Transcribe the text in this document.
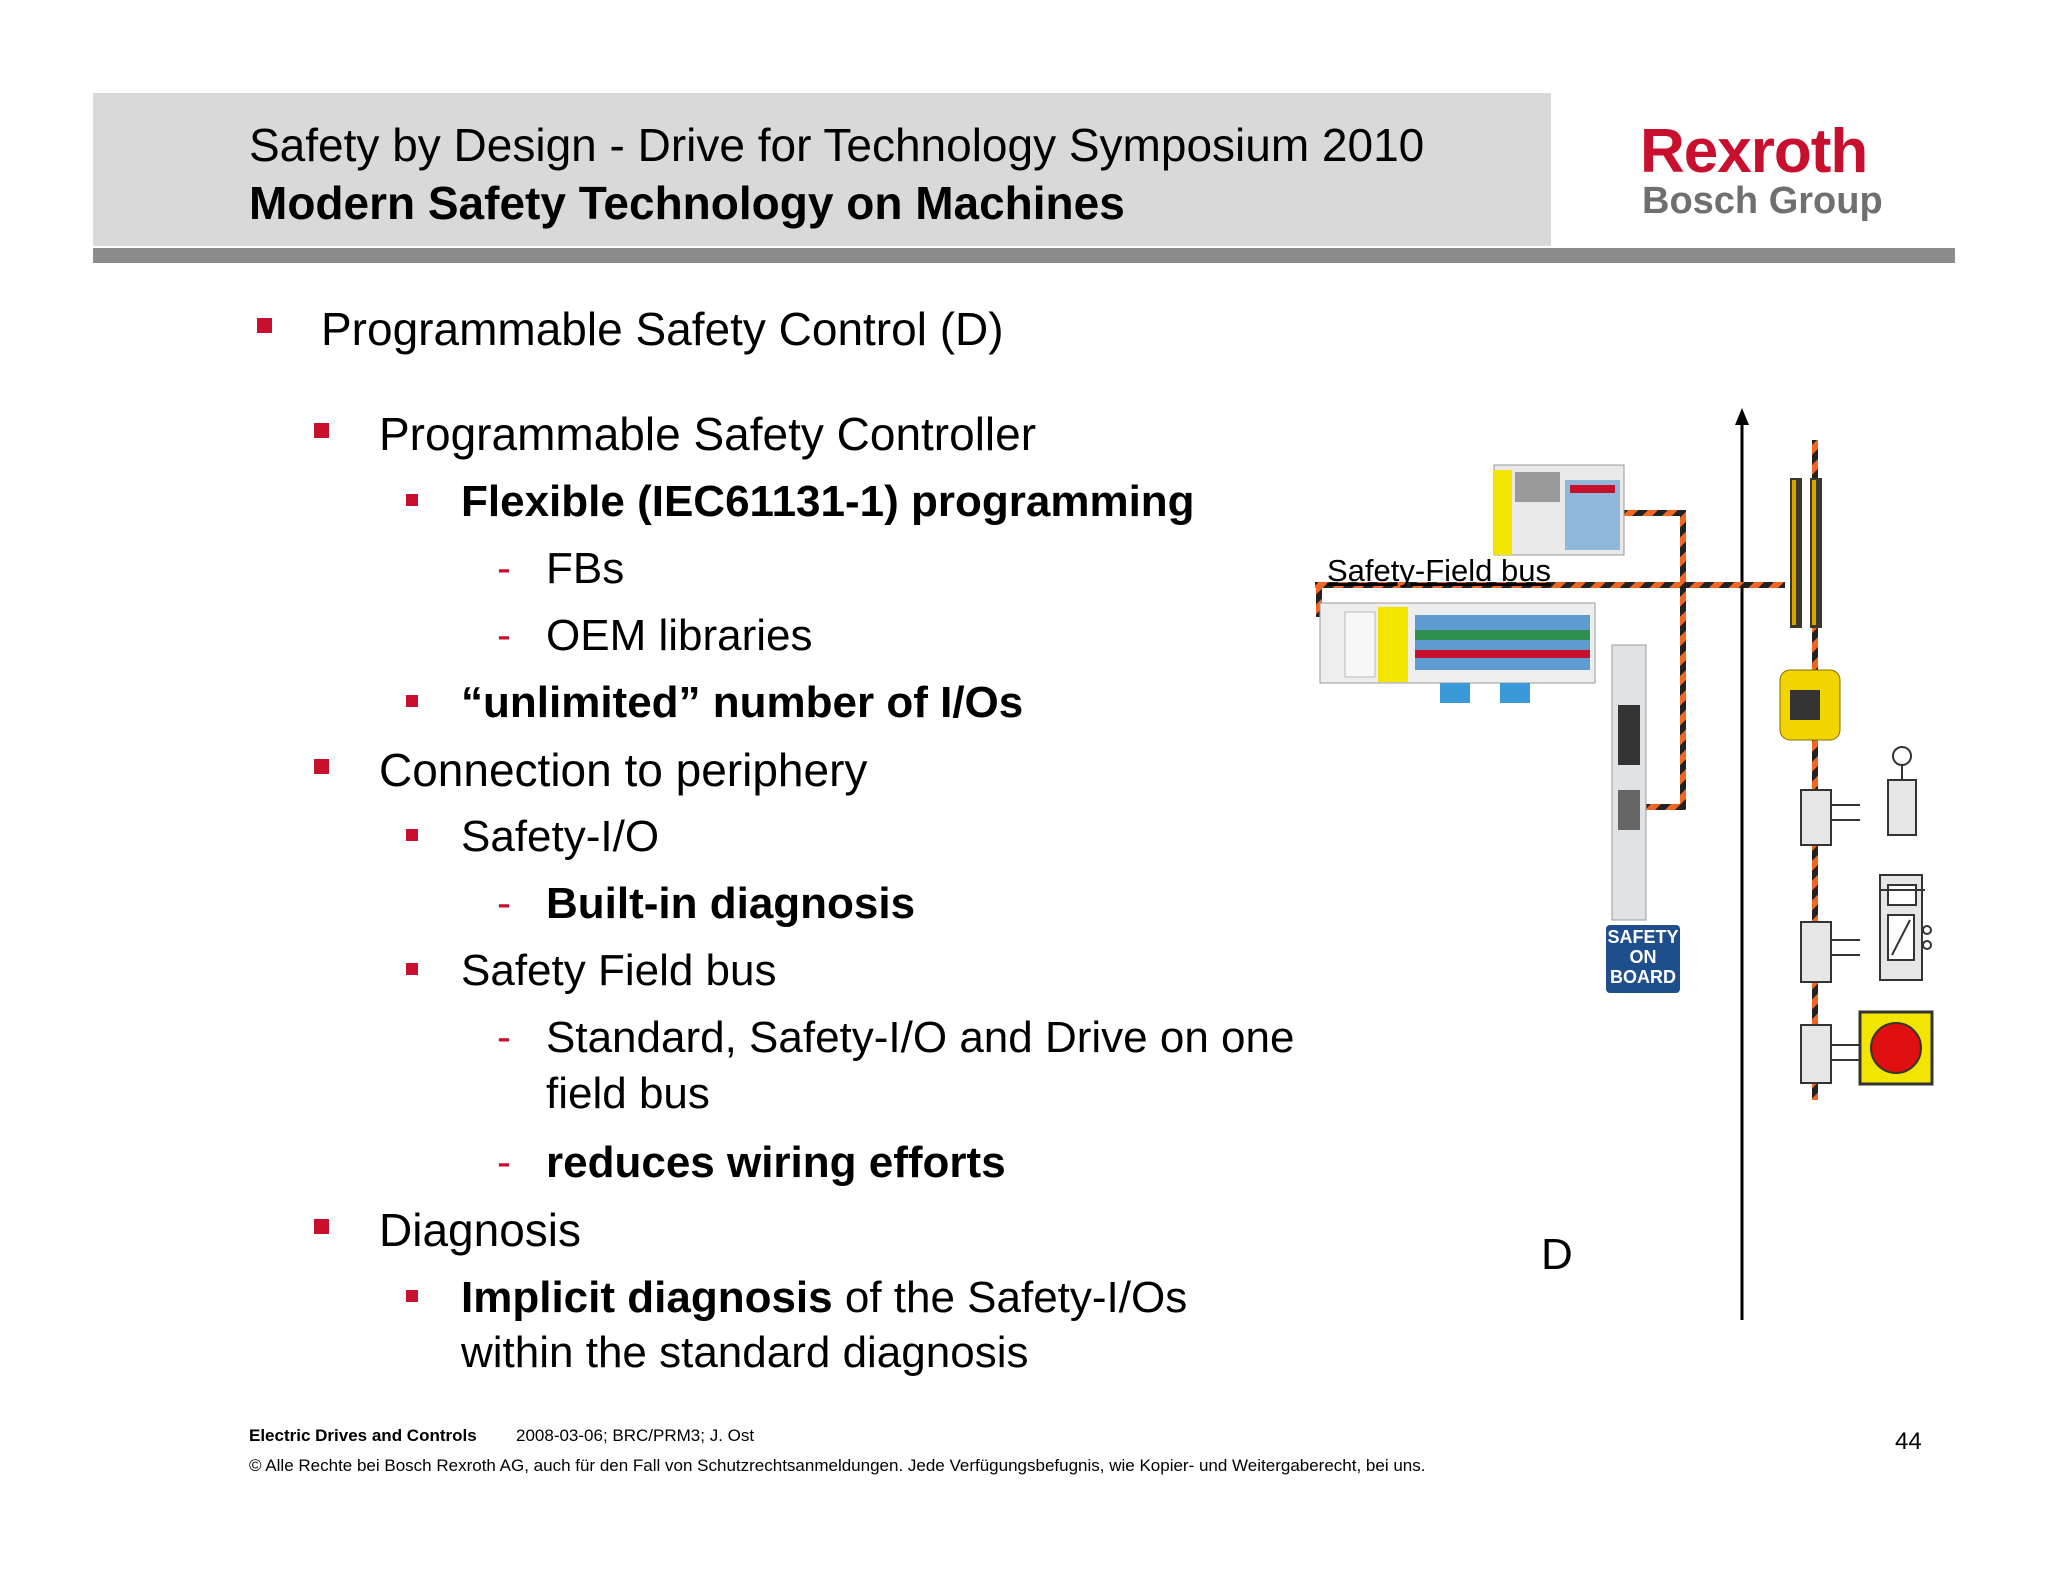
Safety by Design - Drive for Technology Symposium 2010
Modern Safety Technology on Machines
Rexroth
Bosch Group
Programmable Safety Control (D)
Programmable Safety Controller
Flexible (IEC61131-1) programming
- FBs
- OEM libraries
“unlimited” number of I/Os
Connection to periphery
Safety-I/O
- Built-in diagnosis
Safety Field bus
- Standard, Safety-I/O and Drive on one
field bus
- reduces wiring efforts
Diagnosis
Implicit diagnosis of the Safety-I/Os
within the standard diagnosis
Safety-Field bus
D
SAFETY
ON
BOARD
Electric Drives and Controls 2008-03-06; BRC/PRM3; J. Ost
© Alle Rechte bei Bosch Rexroth AG, auch für den Fall von Schutzrechtsanmeldungen. Jede Verfügungsbefugnis, wie Kopier- und Weitergaberecht, bei uns.
44
